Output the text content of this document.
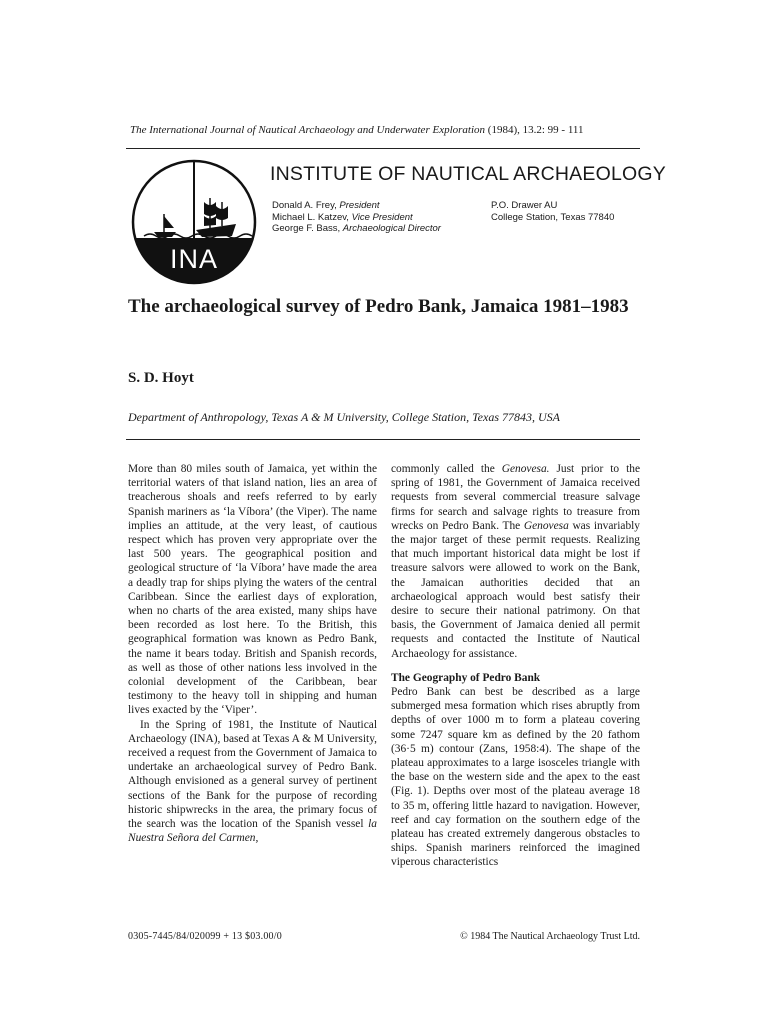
The International Journal of Nautical Archaeology and Underwater Exploration (1984), 13.2: 99 - 111
INA
INSTITUTE OF NAUTICAL ARCHAEOLOGY
Donald A. Frey, President
Michael L. Katzev, Vice President
George F. Bass, Archaeological Director
P.O. Drawer AU
College Station, Texas 77840
The archaeological survey of Pedro Bank, Jamaica 1981–1983
S. D. Hoyt
Department of Anthropology, Texas A & M University, College Station, Texas 77843, USA

More than 80 miles south of Jamaica, yet within the territorial waters of that island nation, lies an area of treacherous shoals and reefs referred to by early Spanish mariners as ‘la Víbora’ (the Viper). The name implies an attitude, at the very least, of cautious respect which has proven very appropriate over the last 500 years. The geographical position and geological structure of ‘la Víbora’ have made the area a deadly trap for ships plying the waters of the central Caribbean. Since the earliest days of exploration, when no charts of the area existed, many ships have been recorded as lost here. To the British, this geographical formation was known as Pedro Bank, the name it bears today. British and Spanish records, as well as those of other nations less involved in the colonial development of the Caribbean, bear testimony to the heavy toll in shipping and human lives exacted by the ‘Viper’.

In the Spring of 1981, the Institute of Nautical Archaeology (INA), based at Texas A & M University, received a request from the Government of Jamaica to undertake an archaeological survey of Pedro Bank. Although envisioned as a general survey of pertinent sections of the Bank for the purpose of recording historic shipwrecks in the area, the primary focus of the search was the location of the Spanish vessel la Nuestra Señora del Carmen,

commonly called the Genovesa. Just prior to the spring of 1981, the Government of Jamaica received requests from several commercial treasure salvage firms for search and salvage rights to treasure from wrecks on Pedro Bank. The Genovesa was invariably the major target of these permit requests. Realizing that much important historical data might be lost if treasure salvors were allowed to work on the Bank, the Jamaican authorities decided that an archaeological approach would best satisfy their desire to secure their national patrimony. On that basis, the Government of Jamaica denied all permit requests and contacted the Institute of Nautical Archaeology for assistance.

The Geography of Pedro Bank

Pedro Bank can best be described as a large submerged mesa formation which rises abruptly from depths of over 1000 m to form a plateau covering some 7247 square km as defined by the 20 fathom (36·5 m) contour (Zans, 1958:4). The shape of the plateau approximates to a large isosceles triangle with the base on the western side and the apex to the east (Fig. 1). Depths over most of the plateau average 18 to 35 m, offering little hazard to navigation. However, reef and cay formation on the southern edge of the plateau has created extremely dangerous obstacles to ships. Spanish mariners reinforced the imagined viperous characteristics

0305-7445/84/020099 + 13 $03.00/0	© 1984 The Nautical Archaeology Trust Ltd.
